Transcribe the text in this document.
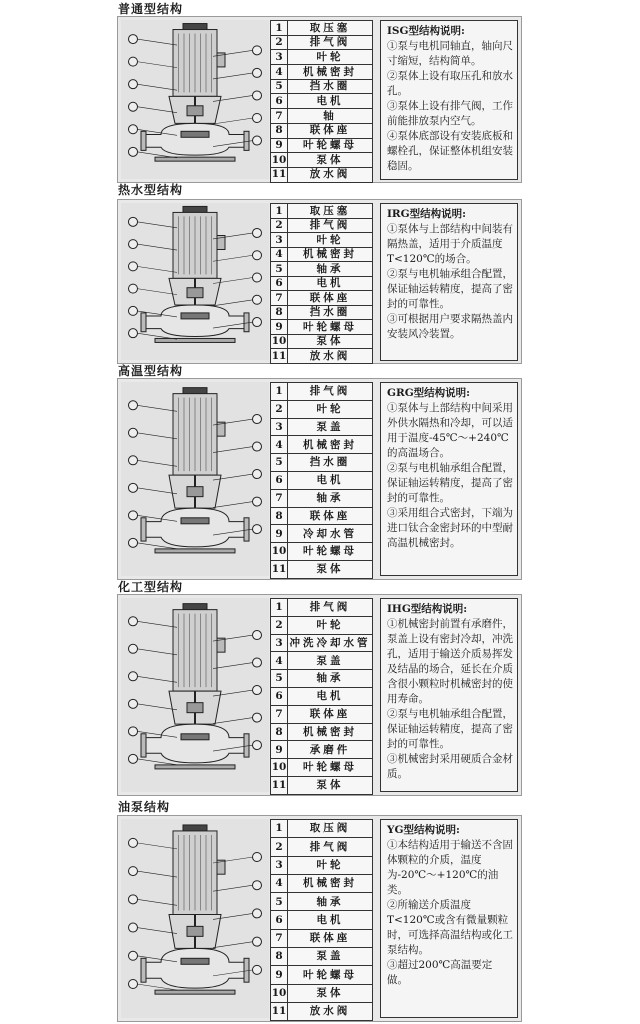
普通型结构
1	取压塞
2	排气阀
3	叶轮
4	机械密封
5	挡水圈
6	电机
7	轴
8	联体座
9	叶轮螺母
10	泵体
11	放水阀
ISG型结构说明:
①泵与电机同轴直，轴向尺寸缩短，结构简单。
②泵体上设有取压孔和放水孔。
③泵体上设有排气阀，工作前能排放泵内空气。
④泵体底部设有安装底板和螺栓孔，保证整体机组安装稳固。
热水型结构
1	取压塞
2	排气阀
3	叶轮
4	机械密封
5	轴承
6	电机
7	联体座
8	挡水圈
9	叶轮螺母
10	泵体
11	放水阀
IRG型结构说明:
①泵体与上部结构中间装有隔热盖，适用于介质温度T<120℃的场合。
②泵与电机轴承组合配置，保证轴运转精度，提高了密封的可靠性。
③可根据用户要求隔热盖内安装风冷装置。
高温型结构
1	排气阀
2	叶轮
3	泵盖
4	机械密封
5	挡水圈
6	电机
7	轴承
8	联体座
9	冷却水管
10	叶轮螺母
11	泵体
GRG型结构说明:
①泵体与上部结构中间采用外供水隔热和冷却，可以适用于温度-45℃～+240℃的高温场合。
②泵与电机轴承组合配置，保证轴运转精度，提高了密封的可靠性。
③采用组合式密封，下端为进口钛合金密封环的中型耐高温机械密封。
化工型结构
1	排气阀
2	叶轮
3	冲洗冷却水管
4	泵盖
5	轴承
6	电机
7	联体座
8	机械密封
9	承磨件
10	叶轮螺母
11	泵体
IHG型结构说明:
①机械密封前置有承磨件，泵盖上设有密封冷却，冲洗孔，适用于输送介质易挥发及结晶的场合，延长在介质含很小颗粒时机械密封的使用寿命。
②泵与电机轴承组合配置，保证轴运转精度，提高了密封的可靠性。
③机械密封采用硬质合金材质。
油泵结构
1	取压阀
2	排气阀
3	叶轮
4	机械密封
5	轴承
6	电机
7	联体座
8	泵盖
9	叶轮螺母
10	泵体
11	放水阀
YG型结构说明:
①本结构适用于输送不含固体颗粒的介质，温度为-20℃～+120℃的油类。
②所输送介质温度T<120℃或含有微量颗粒时，可选择高温结构或化工泵结构。
③超过200℃高温要定做。
